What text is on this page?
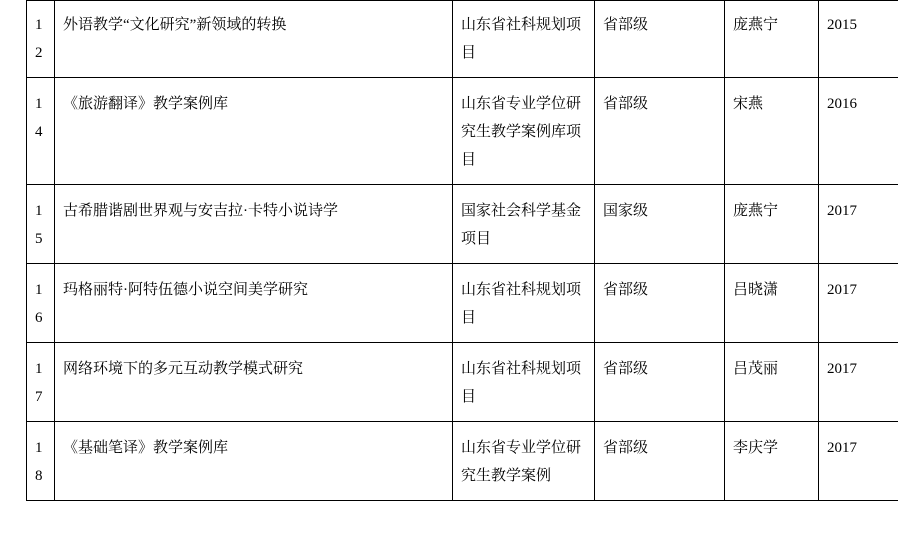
12	外语教学“文化研究”新领域的转换	山东省社科规划项目	省部级	庞燕宁	2015
14	《旅游翻译》教学案例库	山东省专业学位研究生教学案例库项目	省部级	宋燕	2016
15	古希腊谐剧世界观与安吉拉·卡特小说诗学	国家社会科学基金项目	国家级	庞燕宁	2017
16	玛格丽特·阿特伍德小说空间美学研究	山东省社科规划项目	省部级	吕晓潇	2017
17	网络环境下的多元互动教学模式研究	山东省社科规划项目	省部级	吕茂丽	2017
18	《基础笔译》教学案例库	山东省专业学位研究生教学案例	省部级	李庆学	2017
